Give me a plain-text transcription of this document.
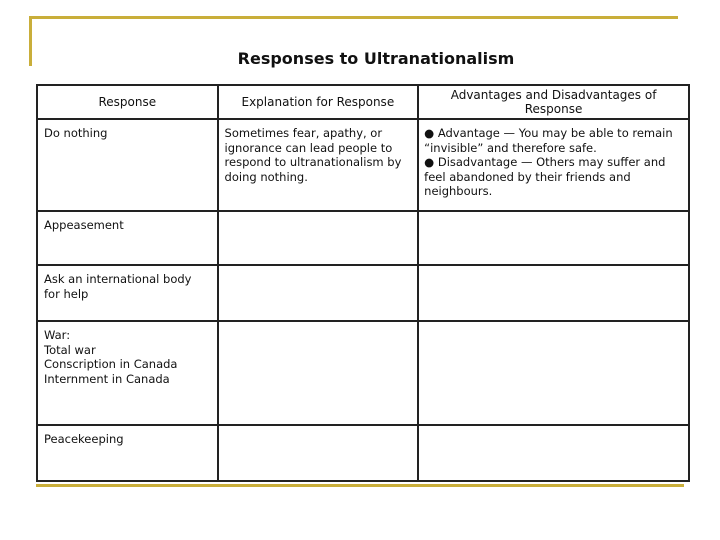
Responses to Ultranationalism
Response	Explanation for Response	Advantages and Disadvantages of Response

Do nothing	Sometimes fear, apathy, or ignorance can lead people to respond to ultranationalism by doing nothing.	● Advantage — You may be able to remain “invisible” and therefore safe.
● Disadvantage — Others may suffer and feel abandoned by their friends and neighbours.

Appeasement		

Ask an international body for help		

War:
Total war
Conscription in Canada
Internment in Canada		

Peacekeeping		
